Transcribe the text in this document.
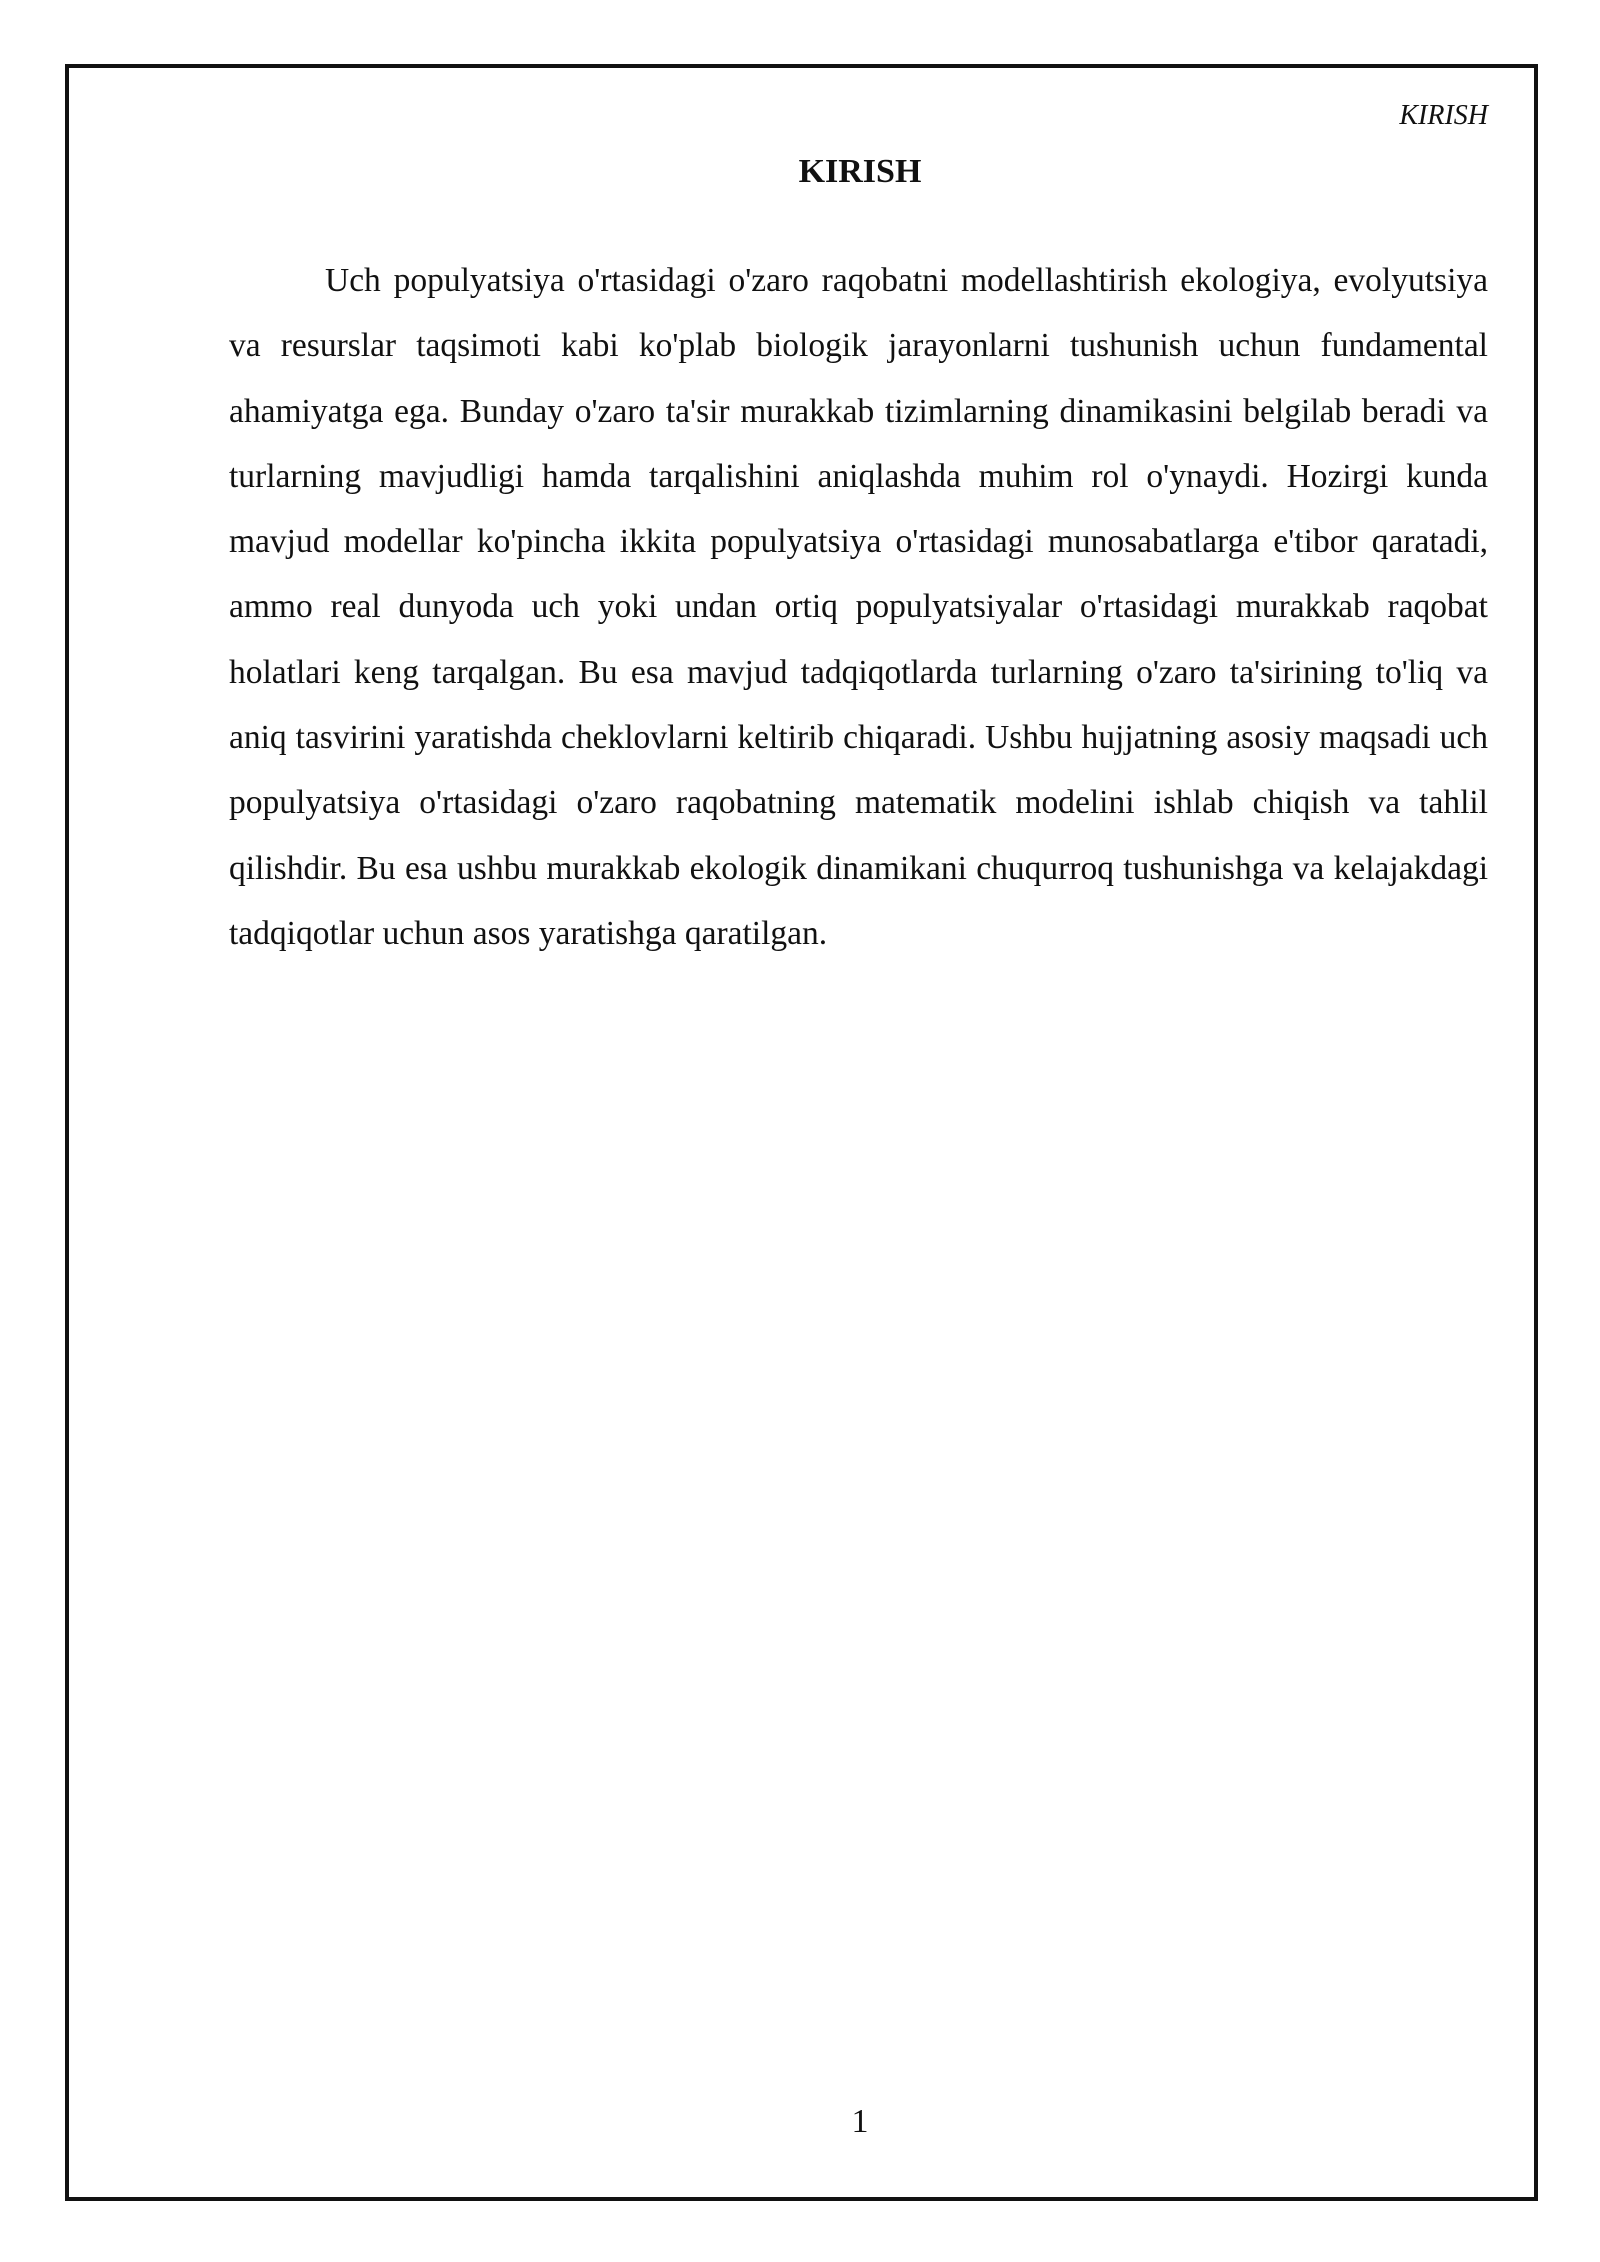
KIRISH
KIRISH

Uch populyatsiya o'rtasidagi o'zaro raqobatni modellashtirish ekologiya, evolyutsiya va resurslar taqsimoti kabi ko'plab biologik jarayonlarni tushunish uchun fundamental ahamiyatga ega. Bunday o'zaro ta'sir murakkab tizimlarning dinamikasini belgilab beradi va turlarning mavjudligi hamda tarqalishini aniqlashda muhim rol o'ynaydi. Hozirgi kunda mavjud modellar ko'pincha ikkita populyatsiya o'rtasidagi munosabatlarga e'tibor qaratadi, ammo real dunyoda uch yoki undan ortiq populyatsiyalar o'rtasidagi murakkab raqobat holatlari keng tarqalgan. Bu esa mavjud tadqiqotlarda turlarning o'zaro ta'sirining to'liq va aniq tasvirini yaratishda cheklovlarni keltirib chiqaradi. Ushbu hujjatning asosiy maqsadi uch populyatsiya o'rtasidagi o'zaro raqobatning matematik modelini ishlab chiqish va tahlil qilishdir. Bu esa ushbu murakkab ekologik dinamikani chuqurroq tushunishga va kelajakdagi tadqiqotlar uchun asos yaratishga qaratilgan.

1
